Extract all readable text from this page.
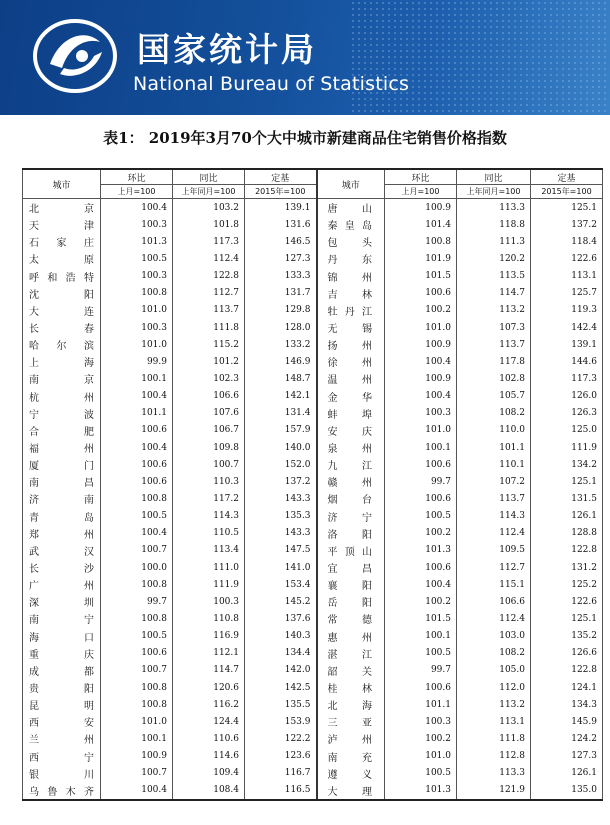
国家统计局
National Bureau of Statistics
表1： 2019年3月70个大中城市新建商品住宅销售价格指数
城市	环比	同比	定基	城市	环比	同比	定基
	上月=100	上年同月=100	2015年=100		上月=100	上年同月=100	2015年=100
北京	100.4	103.2	139.1	唐山	100.9	113.3	125.1
天津	100.3	101.8	131.6	秦皇岛	101.4	118.8	137.2
石家庄	101.3	117.3	146.5	包头	100.8	111.3	118.4
太原	100.5	112.4	127.3	丹东	101.9	120.2	122.6
呼和浩特	100.3	122.8	133.3	锦州	101.5	113.5	113.1
沈阳	100.8	112.7	131.7	吉林	100.6	114.7	125.7
大连	101.0	113.7	129.8	牡丹江	100.2	113.2	119.3
长春	100.3	111.8	128.0	无锡	101.0	107.3	142.4
哈尔滨	101.0	115.2	133.2	扬州	100.9	113.7	139.1
上海	99.9	101.2	146.9	徐州	100.4	117.8	144.6
南京	100.1	102.3	148.7	温州	100.9	102.8	117.3
杭州	100.4	106.6	142.1	金华	100.4	105.7	126.0
宁波	101.1	107.6	131.4	蚌埠	100.3	108.2	126.3
合肥	100.6	106.7	157.9	安庆	101.0	110.0	125.0
福州	100.4	109.8	140.0	泉州	100.1	101.1	111.9
厦门	100.6	100.7	152.0	九江	100.6	110.1	134.2
南昌	100.6	110.3	137.2	赣州	99.7	107.2	125.1
济南	100.8	117.2	143.3	烟台	100.6	113.7	131.5
青岛	100.5	114.3	135.3	济宁	100.5	114.3	126.1
郑州	100.4	110.5	143.3	洛阳	100.2	112.4	128.8
武汉	100.7	113.4	147.5	平顶山	101.3	109.5	122.8
长沙	100.0	111.0	141.0	宜昌	100.6	112.7	131.2
广州	100.8	111.9	153.4	襄阳	100.4	115.1	125.2
深圳	99.7	100.3	145.2	岳阳	100.2	106.6	122.6
南宁	100.8	110.8	137.6	常德	101.5	112.4	125.1
海口	100.5	116.9	140.3	惠州	100.1	103.0	135.2
重庆	100.6	112.1	134.4	湛江	100.5	108.2	126.6
成都	100.7	114.7	142.0	韶关	99.7	105.0	122.8
贵阳	100.8	120.6	142.5	桂林	100.6	112.0	124.1
昆明	100.8	116.2	135.5	北海	101.1	113.2	134.3
西安	101.0	124.4	153.9	三亚	100.3	113.1	145.9
兰州	100.1	110.6	122.2	泸州	100.2	111.8	124.2
西宁	100.9	114.6	123.6	南充	101.0	112.8	127.3
银川	100.7	109.4	116.7	遵义	100.5	113.3	126.1
乌鲁木齐	100.4	108.4	116.5	大理	101.3	121.9	135.0
